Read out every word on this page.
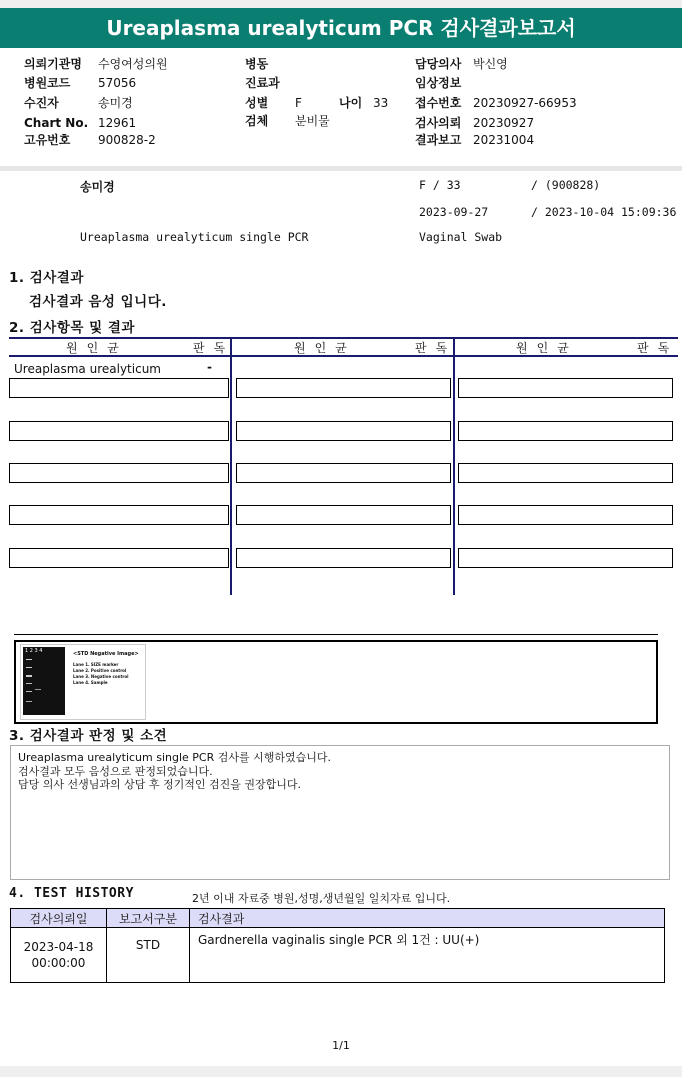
Ureaplasma urealyticum PCR 검사결과보고서
의뢰기관명 수영여성의원
병원코드 57056
수진자	송미경
Chart No. 12961
고유번호 900828-2
병동
진료과
성별 F	나이 33
검체 분비물
담당의사 박신영
임상정보
접수번호 20230927-66953
검사의뢰 20230927
결과보고 20231004
송미경	F / 33	/ (900828)
2023-09-27	/ 2023-10-04 15:09:36
Ureaplasma urealyticum single PCR	Vaginal Swab
1. 검사결과
검사결과 음성 입니다.
2. 검사항목 및 결과
원인균	판독	원인균	판독	원인균	판독
Ureaplasma urealyticum	-
1 2 3 4	<STD Negative Image>
Lane 1. SIZE marker
Lane 2. Positive control
Lane 3. Negative control
Lane 4. Sample
3. 검사결과 판정 및 소견
Ureaplasma urealyticum single PCR 검사를 시행하였습니다.
검사결과 모두 음성으로 판정되었습니다.
담당 의사 선생님과의 상담 후 정기적인 검진을 권장합니다.
4. TEST HISTORY	2년 이내 자료중 병원,성명,생년월일 일치자료 입니다.
검사의뢰일	보고서구분	검사결과

2023-04-18
00:00:00	STD	Gardnerella vaginalis single PCR 외 1건 : UU(+)
1/1
